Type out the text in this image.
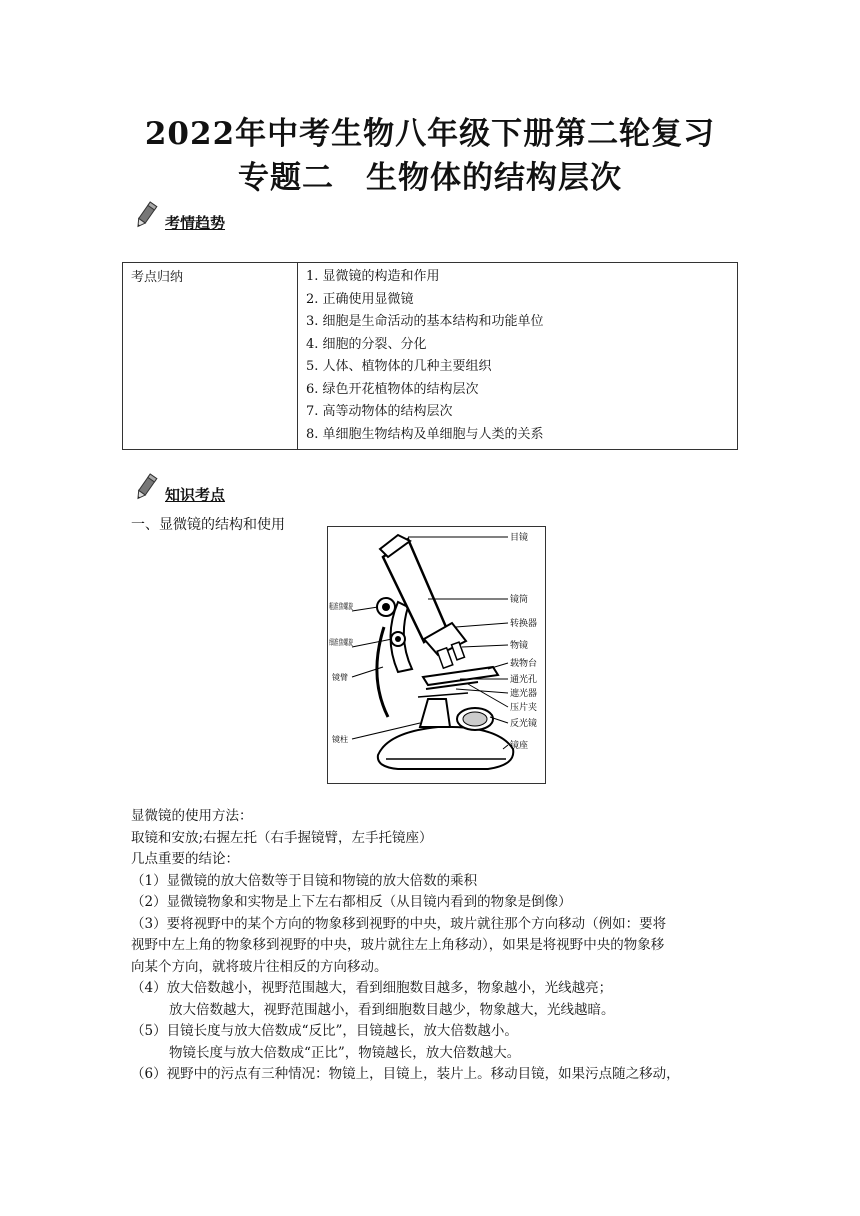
2022年中考生物八年级下册第二轮复习
专题二　生物体的结构层次
考情趋势
考点归纳	1. 显微镜的构造和作用
2. 正确使用显微镜
3. 细胞是生命活动的基本结构和功能单位
4. 细胞的分裂、分化
5. 人体、植物体的几种主要组织
6. 绿色开花植物体的结构层次
7. 高等动物体的结构层次
8. 单细胞生物结构及单细胞与人类的关系
知识考点
一、显微镜的结构和使用
目镜
镜筒
转换器
物镜
载物台
通光孔
遮光器
压片夹
反光镜
镜座
粗准焦螺旋
细准焦螺旋
镜臂
镜柱

显微镜的使用方法：

取镜和安放;右握左托（右手握镜臂，左手托镜座）

几点重要的结论：

（1）显微镜的放大倍数等于目镜和物镜的放大倍数的乘积

（2）显微镜物象和实物是上下左右都相反（从目镜内看到的物象是倒像）

（3）要将视野中的某个方向的物象移到视野的中央，玻片就往那个方向移动（例如：要将

视野中左上角的物象移到视野的中央，玻片就往左上角移动），如果是将视野中央的物象移

向某个方向，就将玻片往相反的方向移动。

（4）放大倍数越小，视野范围越大，看到细胞数目越多，物象越小，光线越亮；

放大倍数越大，视野范围越小，看到细胞数目越少，物象越大，光线越暗。

（5）目镜长度与放大倍数成“反比”，目镜越长，放大倍数越小。

物镜长度与放大倍数成“正比”，物镜越长，放大倍数越大。

（6）视野中的污点有三种情况：物镜上，目镜上，装片上。移动目镜，如果污点随之移动，
